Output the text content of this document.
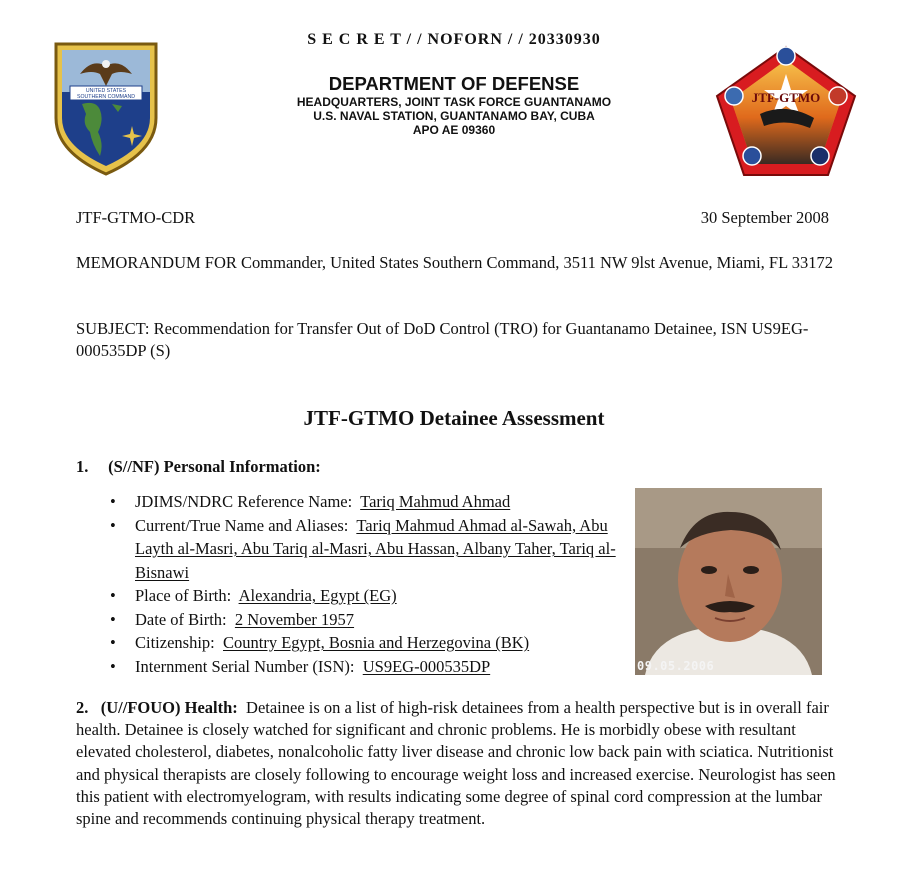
S E C R E T / / NOFORN / / 20330930
DEPARTMENT OF DEFENSE
HEADQUARTERS, JOINT TASK FORCE GUANTANAMO
U.S. NAVAL STATION, GUANTANAMO BAY, CUBA
APO AE 09360
UNITED STATES
SOUTHERN COMMAND	JTF-GTMO
JTF-GTMO-CDR	30 September 2008
MEMORANDUM FOR Commander, United States Southern Command, 3511 NW 9lst Avenue, Miami, FL 33172
SUBJECT: Recommendation for Transfer Out of DoD Control (TRO) for Guantanamo Detainee, ISN US9EG-000535DP (S)
JTF-GTMO Detainee Assessment
1. (S//NF) Personal Information:
• JDIMS/NDRC Reference Name: Tariq Mahmud Ahmad
• Current/True Name and Aliases: Tariq Mahmud Ahmad al-Sawah, Abu Layth al-Masri, Abu Tariq al-Masri, Abu Hassan, Albany Taher, Tariq al-Bisnawi
• Place of Birth: Alexandria, Egypt (EG)
• Date of Birth: 2 November 1957
• Citizenship: Country Egypt, Bosnia and Herzegovina (BK)
• Internment Serial Number (ISN): US9EG-000535DP	09.05.2006
2. (U//FOUO) Health: Detainee is on a list of high-risk detainees from a health perspective but is in overall fair health. Detainee is closely watched for significant and chronic problems. He is morbidly obese with resultant elevated cholesterol, diabetes, nonalcoholic fatty liver disease and chronic low back pain with sciatica. Nutritionist and physical therapists are closely following to encourage weight loss and increased exercise. Neurologist has seen this patient with electromyelogram, with results indicating some degree of spinal cord compression at the lumbar spine and recommends continuing physical therapy treatment.
